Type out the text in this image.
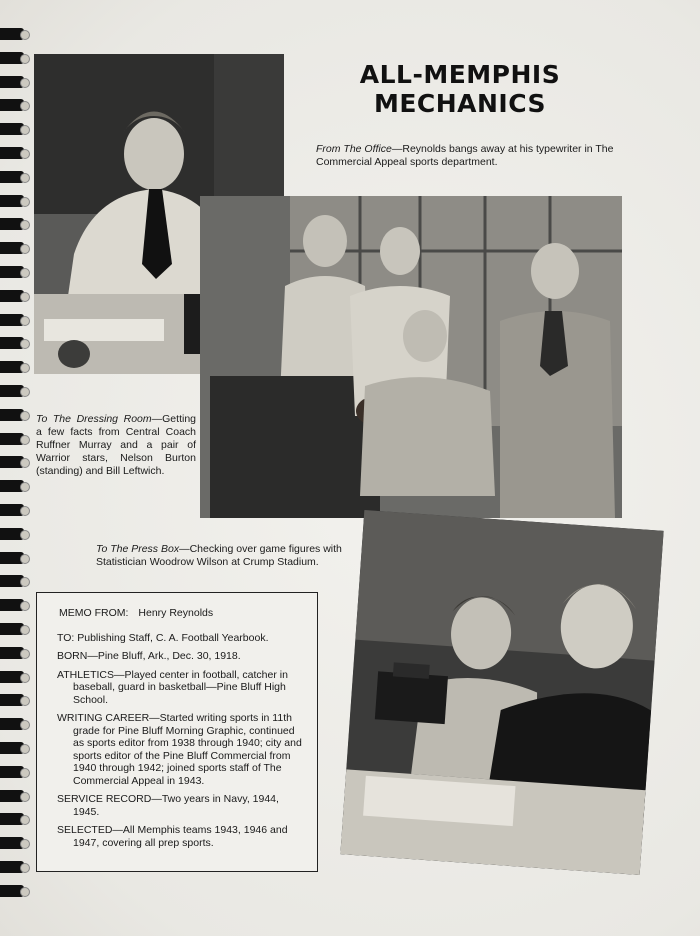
ALL-MEMPHIS
MECHANICS
From The Office—Reynolds bangs away at his typewriter in The Commercial Appeal sports department.
To The Dressing Room—Getting a few facts from Central Coach Ruffner Murray and a pair of Warrior stars, Nelson Burton (standing) and Bill Leftwich.
To The Press Box—Checking over game figures with Statistician Woodrow Wilson at Crump Stadium.
MEMO FROM: Henry Reynolds
TO: Publishing Staff, C. A. Football Yearbook.
BORN—Pine Bluff, Ark., Dec. 30, 1918.
ATHLETICS—Played center in football, catcher in baseball, guard in basketball—Pine Bluff High School.
WRITING CAREER—Started writing sports in 11th grade for Pine Bluff Morning Graphic, continued as sports editor from 1938 through 1940; city and sports editor of the Pine Bluff Commercial from 1940 through 1942; joined sports staff of The Commercial Appeal in 1943.
SERVICE RECORD—Two years in Navy, 1944, 1945.
SELECTED—All Memphis teams 1943, 1946 and 1947, covering all prep sports.
